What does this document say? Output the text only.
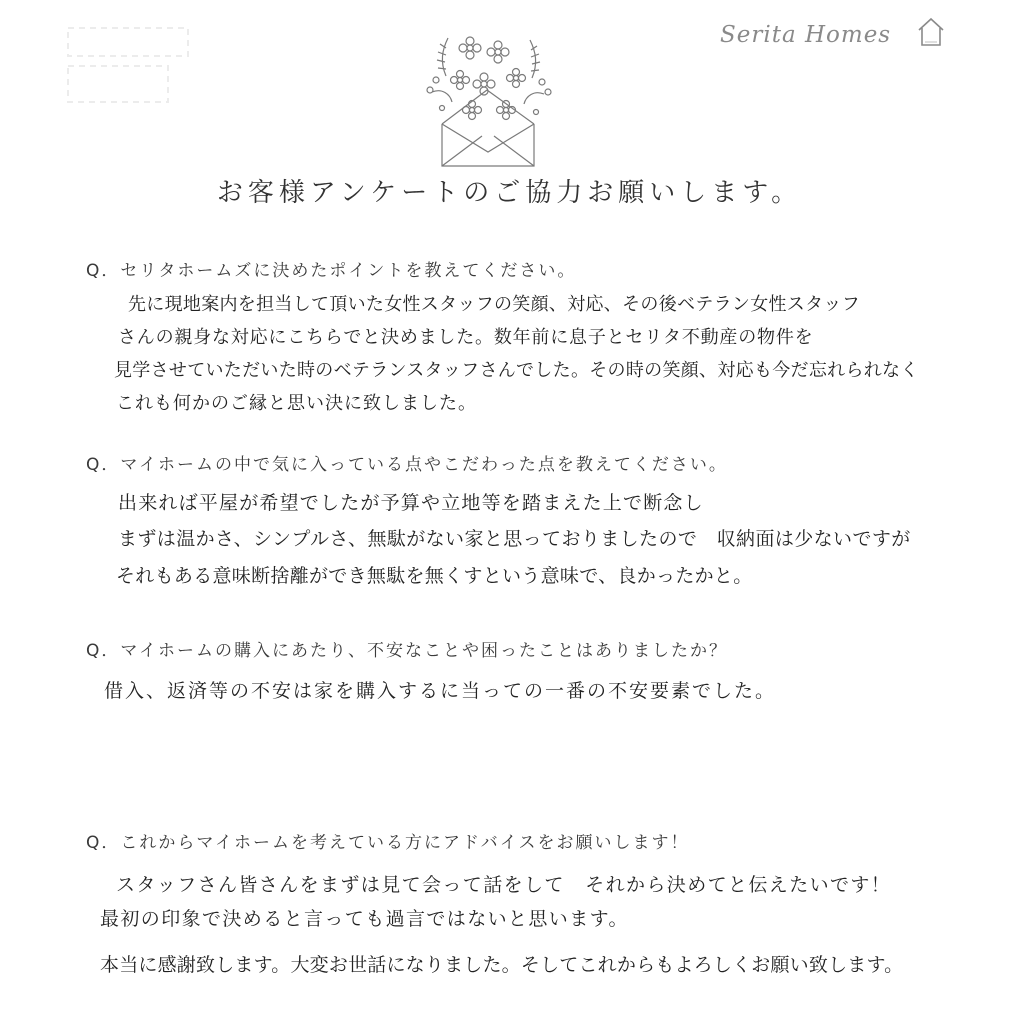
Serita Homes
お客様アンケートのご協力お願いします。
Q．セリタホームズに決めたポイントを教えてください。
先に現地案内を担当して頂いた女性スタッフの笑顔、対応、その後ベテラン女性スタッフ
さんの親身な対応にこちらでと決めました。数年前に息子とセリタ不動産の物件を
見学させていただいた時のベテランスタッフさんでした。その時の笑顔、対応も今だ忘れられなく
これも何かのご縁と思い決に致しました。
Q．マイホームの中で気に入っている点やこだわった点を教えてください。
出来れば平屋が希望でしたが予算や立地等を踏まえた上で断念し
まずは温かさ、シンプルさ、無駄がない家と思っておりましたので　収納面は少ないですが
それもある意味断捨離ができ無駄を無くすという意味で、良かったかと。
Q．マイホームの購入にあたり、不安なことや困ったことはありましたか？
借入、返済等の不安は家を購入するに当っての一番の不安要素でした。
Q．これからマイホームを考えている方にアドバイスをお願いします！
スタッフさん皆さんをまずは見て会って話をして　それから決めてと伝えたいです！
最初の印象で決めると言っても過言ではないと思います。
本当に感謝致します。大変お世話になりました。そしてこれからもよろしくお願い致します。
